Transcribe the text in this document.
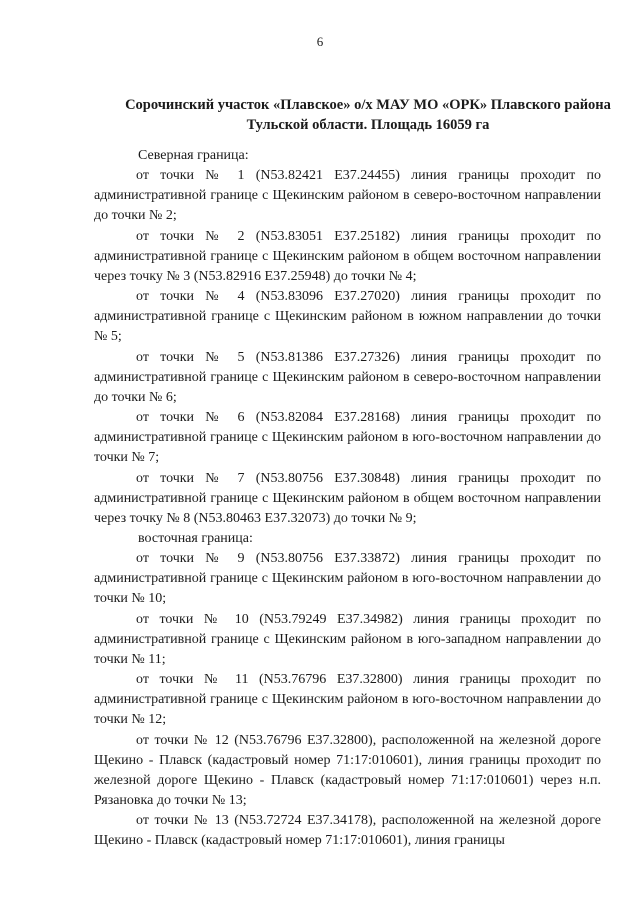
6
Сорочинский участок «Плавское» о/х МАУ МО «ОРК» Плавского района Тульской области. Площадь 16059 га
Северная граница:
от точки № 1 (N53.82421 E37.24455) линия границы проходит по административной границе с Щекинским районом в северо-восточном направлении до точки № 2;
от точки № 2 (N53.83051 E37.25182) линия границы проходит по административной границе с Щекинским районом в общем восточном направлении через точку № 3 (N53.82916 E37.25948) до точки № 4;
от точки № 4 (N53.83096 E37.27020) линия границы проходит по административной границе с Щекинским районом в южном направлении до точки № 5;
от точки № 5 (N53.81386 E37.27326) линия границы проходит по административной границе с Щекинским районом в северо-восточном направлении до точки № 6;
от точки № 6 (N53.82084 E37.28168) линия границы проходит по административной границе с Щекинским районом в юго-восточном направлении до точки № 7;
от точки № 7 (N53.80756 E37.30848) линия границы проходит по административной границе с Щекинским районом в общем восточном направлении через точку № 8 (N53.80463 E37.32073) до точки № 9;
восточная граница:
от точки № 9 (N53.80756 E37.33872) линия границы проходит по административной границе с Щекинским районом в юго-восточном направлении до точки № 10;
от точки № 10 (N53.79249 E37.34982) линия границы проходит по административной границе с Щекинским районом в юго-западном направлении до точки № 11;
от точки № 11 (N53.76796 E37.32800) линия границы проходит по административной границе с Щекинским районом в юго-восточном направлении до точки № 12;
от точки № 12 (N53.76796 E37.32800), расположенной на железной дороге Щекино - Плавск (кадастровый номер 71:17:010601), линия границы проходит по железной дороге Щекино - Плавск (кадастровый номер 71:17:010601) через н.п. Рязановка до точки № 13;
от точки № 13 (N53.72724 E37.34178), расположенной на железной дороге Щекино - Плавск (кадастровый номер 71:17:010601), линия границы
